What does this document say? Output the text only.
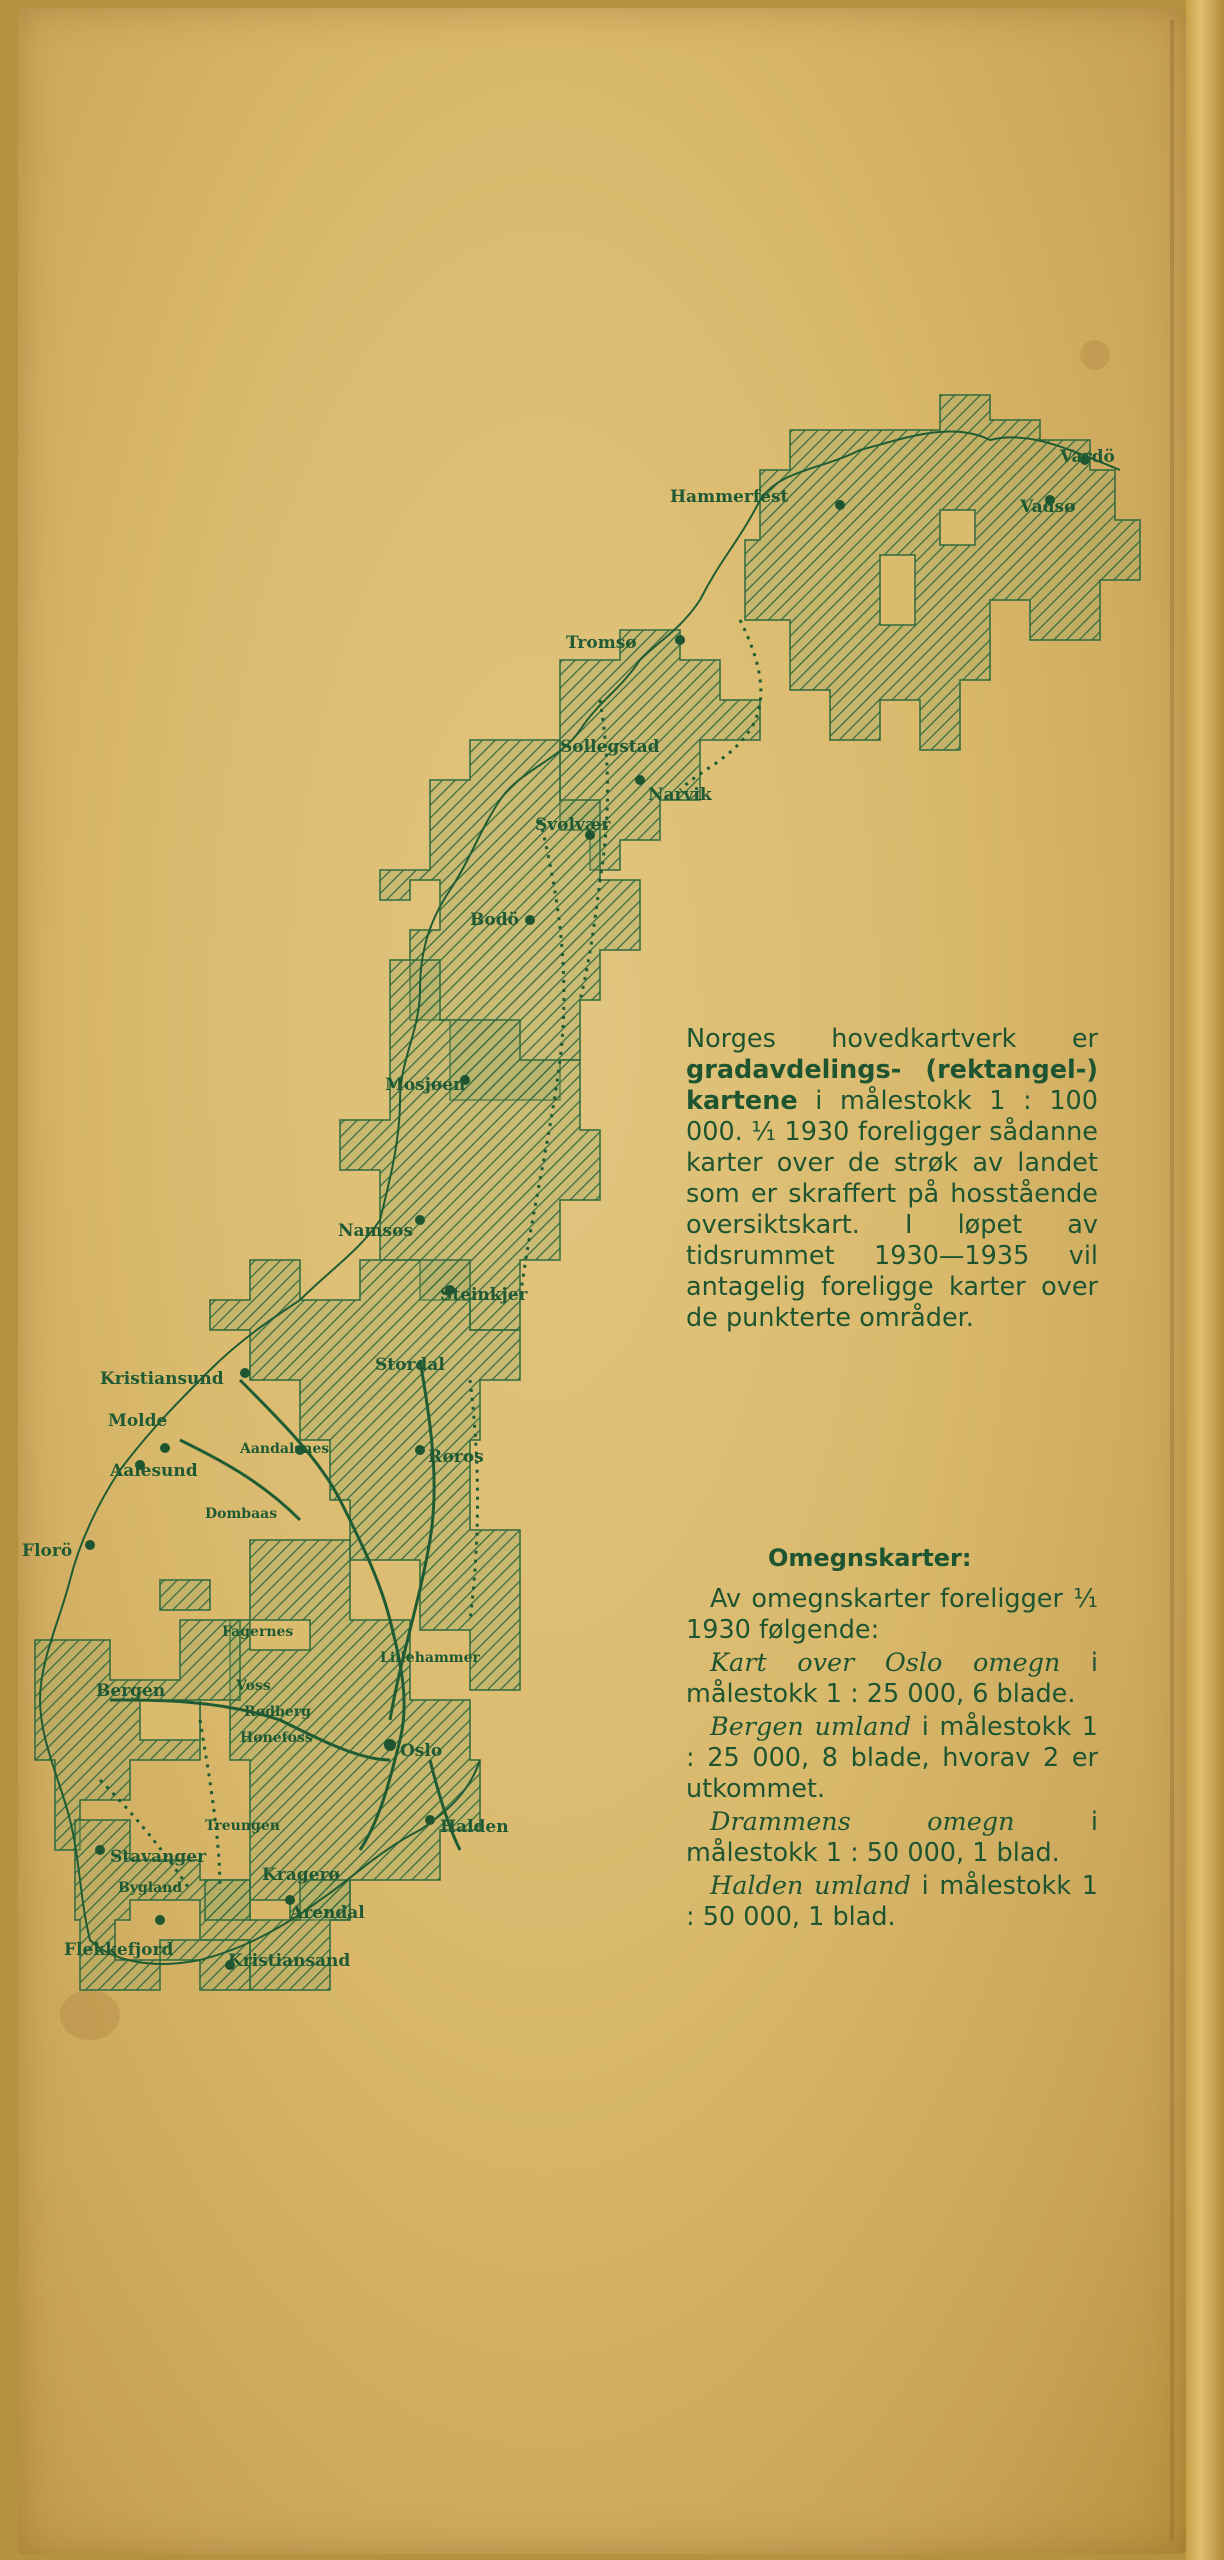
Vardö
Vadsø
Hammerfest
Tromsø
Sollegstad
Narvik
Svolvær
Bodö
Mosjøen
Namsos
Steinkjer
Kristiansund
Molde
Aalesund
Stordal
Røros
Aandalsnes
Dombaas
Florö
Fagernes
Bergen
Lillehammer
Voss
Rødberg
Hønefoss
Oslo
Halden
Treungen
Stavanger
Bygland
Kragerø
Arendal
Flekkefjord
Kristiansand

Norges hovedkartverk er gradavdelings- (rektangel-) kartene i målestokk 1 : 100 000. ¹⁄₁ 1930 foreligger sådanne karter over de strøk av landet som er skraffert på hosstående oversiktskart. I løpet av tidsrummet 1930—1935 vil antagelig foreligge karter over de punkterte områder.

Omegnskarter:

Av omegnskarter foreligger ¹⁄₁ 1930 følgende:

Kart over Oslo omegn i målestokk 1 : 25 000, 6 blade.

Bergen umland i målestokk 1 : 25 000, 8 blade, hvorav 2 er utkommet.

Drammens omegn i målestokk 1 : 50 000, 1 blad.

Halden umland i målestokk 1 : 50 000, 1 blad.
